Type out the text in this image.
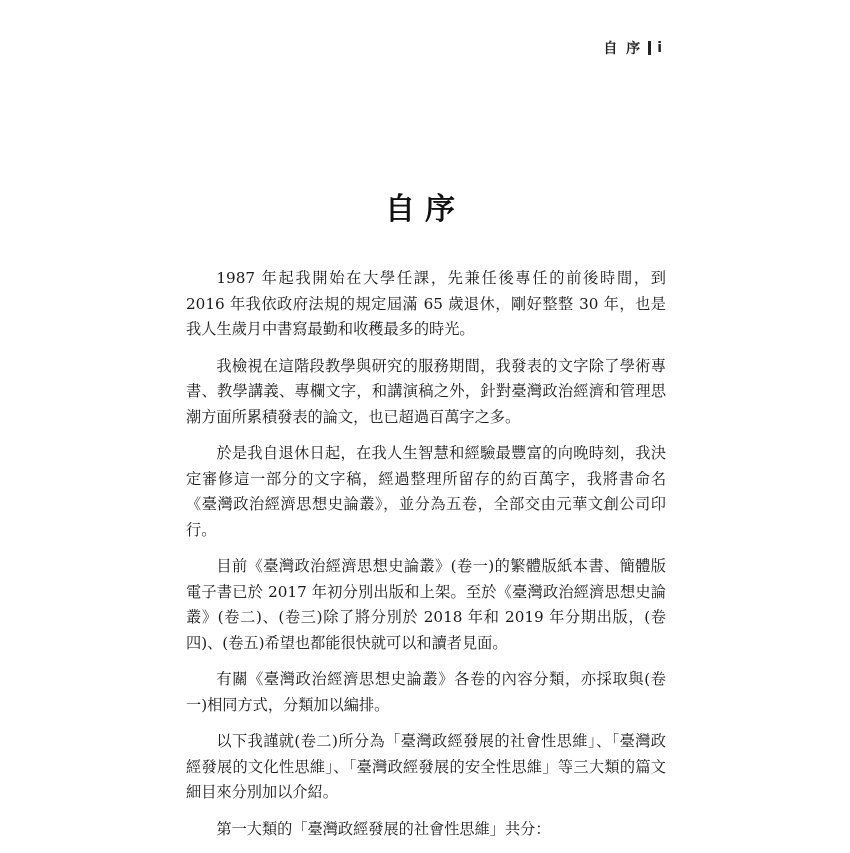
自 序 i
自序

1987 年起我開始在大學任課，先兼任後專任的前後時間，到 2016 年我依政府法規的規定屆滿 65 歲退休，剛好整整 30 年，也是我人生歲月中書寫最勤和收穫最多的時光。

我檢視在這階段教學與研究的服務期間，我發表的文字除了學術專書、教學講義、專欄文字，和講演稿之外，針對臺灣政治經濟和管理思潮方面所累積發表的論文，也已超過百萬字之多。

於是我自退休日起，在我人生智慧和經驗最豐富的向晚時刻，我決定審修這一部分的文字稿，經過整理所留存的約百萬字，我將書命名《臺灣政治經濟思想史論叢》，並分為五卷，全部交由元華文創公司印行。

目前《臺灣政治經濟思想史論叢》(卷一)的繁體版紙本書、簡體版電子書已於 2017 年初分別出版和上架。至於《臺灣政治經濟思想史論叢》(卷二)、(卷三)除了將分別於 2018 年和 2019 年分期出版，(卷四)、(卷五)希望也都能很快就可以和讀者見面。

有關《臺灣政治經濟思想史論叢》各卷的內容分類，亦採取與(卷一)相同方式，分類加以編排。

以下我謹就(卷二)所分為「臺灣政經發展的社會性思維」、「臺灣政經發展的文化性思維」、「臺灣政經發展的安全性思維」等三大類的篇文細目來分別加以介紹。

第一大類的「臺灣政經發展的社會性思維」共分：
